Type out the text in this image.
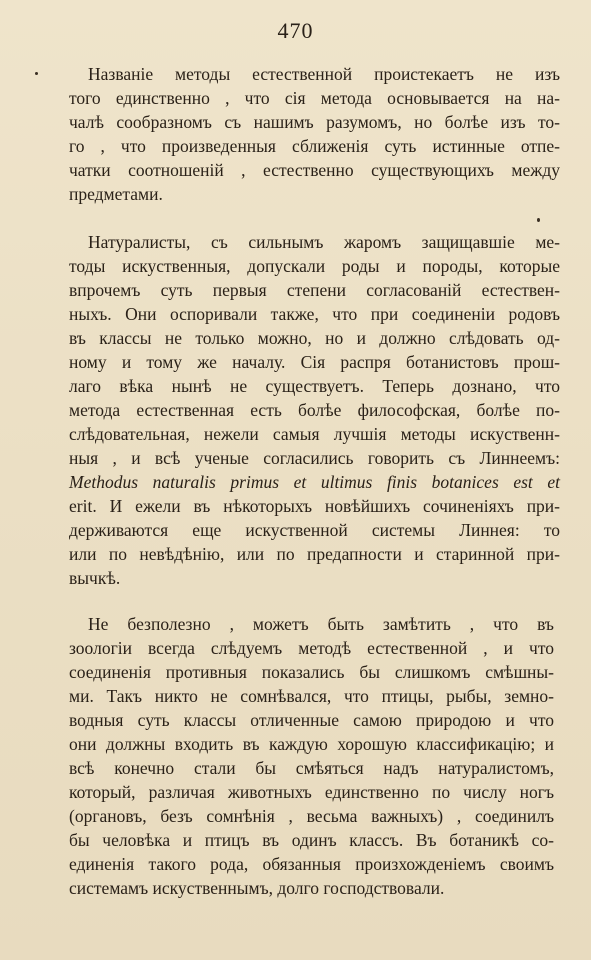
470
Названіе методы естественной проистекаетъ не изъ
того единственно , что сія метода основывается на на-
чалѣ сообразномъ съ нашимъ разумомъ, но болѣе изъ то-
го , что произведенныя сближенія суть истинные отпе-
чатки соотношеній , естественно существующихъ между
предметами.
Натуралисты, съ сильнымъ жаромъ защищавшіе ме-
тоды искуственныя, допускали роды и породы, которые
впрочемъ суть первыя степени согласованій естествен-
ныхъ. Они оспоривали также, что при соединеніи родовъ
въ классы не только можно, но и должно слѣдовать од-
ному и тому же началу. Сія распря ботанистовъ прош-
лаго вѣка нынѣ не существуетъ. Теперь дознано, что
метода естественная есть болѣе философская, болѣе по-
слѣдовательная, нежели самыя лучшія методы искуственн-
ныя , и всѣ ученые согласились говорить съ Линнеемъ:
Methodus naturalis primus et ultimus finis botanices est et
erit. И ежели въ нѣкоторыхъ новѣйшихъ сочиненіяхъ при-
держиваются еще искуственной системы Линнея: то
или по невѣдѣнію, или по предапности и старинной при-
вычкѣ.
Не безполезно , можетъ быть замѣтить , что въ
зоологіи всегда слѣдуемъ методѣ естественной , и что
соединенія противныя показались бы слишкомъ смѣшны-
ми. Такъ никто не сомнѣвался, что птицы, рыбы, земно-
водныя суть классы отличенные самою природою и что
они должны входить въ каждую хорошую классификацію; и
всѣ конечно стали бы смѣяться надъ натуралистомъ,
который, различая животныхъ единственно по числу ногъ
(органовъ, безъ сомнѣнія , весьма важныхъ) , соединилъ
бы человѣка и птицъ въ одинъ классъ. Въ ботаникѣ со-
единенія такого рода, обязанныя произхожденіемъ своимъ
системамъ искуственнымъ, долго господствовали.
